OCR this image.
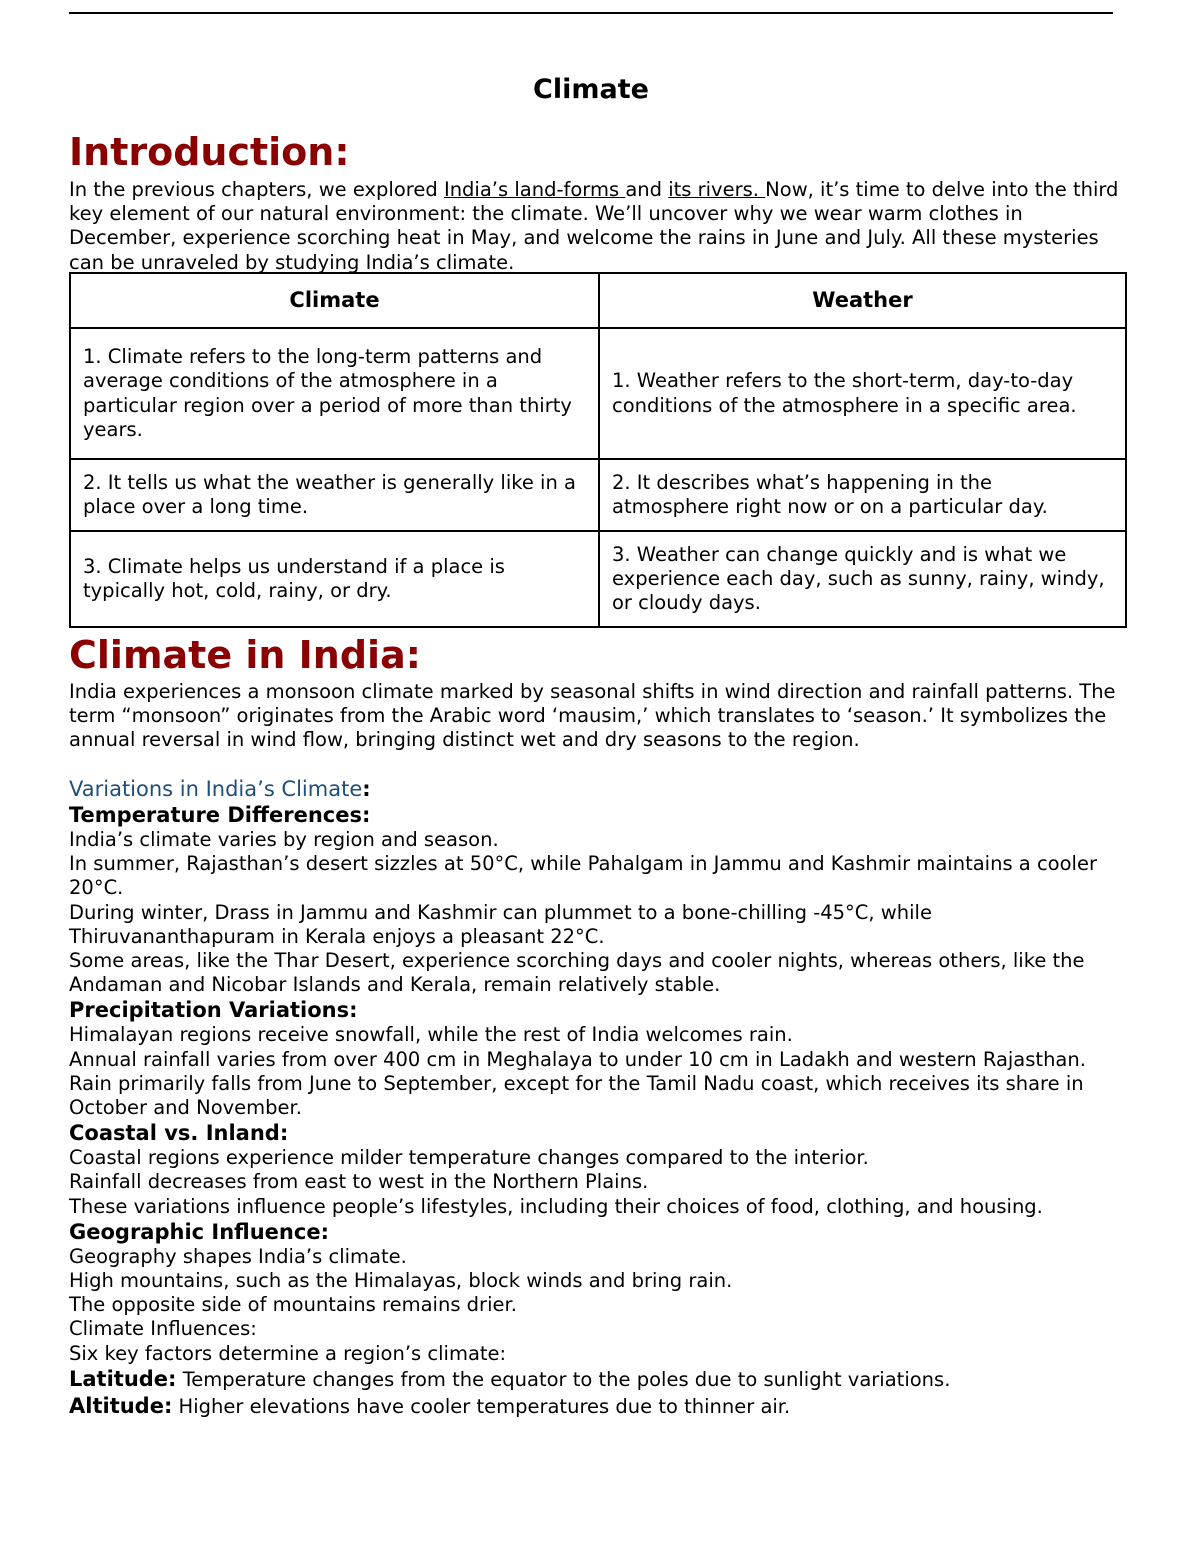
Climate
Introduction:
In the previous chapters, we explored India’s land-forms and its rivers. Now, it’s time to delve into the third key element of our natural environment: the climate. We’ll uncover why we wear warm clothes in December, experience scorching heat in May, and welcome the rains in June and July. All these mysteries can be unraveled by studying India’s climate.
Climate	Weather
1. Climate refers to the long-term patterns and average conditions of the atmosphere in a particular region over a period of more than thirty years.	1. Weather refers to the short-term, day-to-day conditions of the atmosphere in a specific area.
2. It tells us what the weather is generally like in a place over a long time.	2. It describes what’s happening in the atmosphere right now or on a particular day.
3. Climate helps us understand if a place is typically hot, cold, rainy, or dry.	3. Weather can change quickly and is what we experience each day, such as sunny, rainy, windy, or cloudy days.
Climate in India:
India experiences a monsoon climate marked by seasonal shifts in wind direction and rainfall patterns. The term “monsoon” originates from the Arabic word ‘mausim,’ which translates to ‘season.’ It symbolizes the annual reversal in wind flow, bringing distinct wet and dry seasons to the region.
Variations in India’s Climate:
Temperature Differences:
India’s climate varies by region and season.
In summer, Rajasthan’s desert sizzles at 50°C, while Pahalgam in Jammu and Kashmir maintains a cooler 20°C.
During winter, Drass in Jammu and Kashmir can plummet to a bone-chilling -45°C, while Thiruvananthapuram in Kerala enjoys a pleasant 22°C.
Some areas, like the Thar Desert, experience scorching days and cooler nights, whereas others, like the Andaman and Nicobar Islands and Kerala, remain relatively stable.
Precipitation Variations:
Himalayan regions receive snowfall, while the rest of India welcomes rain.
Annual rainfall varies from over 400 cm in Meghalaya to under 10 cm in Ladakh and western Rajasthan.
Rain primarily falls from June to September, except for the Tamil Nadu coast, which receives its share in October and November.
Coastal vs. Inland:
Coastal regions experience milder temperature changes compared to the interior.
Rainfall decreases from east to west in the Northern Plains.
These variations influence people’s lifestyles, including their choices of food, clothing, and housing.
Geographic Influence:
Geography shapes India’s climate.
High mountains, such as the Himalayas, block winds and bring rain.
The opposite side of mountains remains drier.
Climate Influences:
Six key factors determine a region’s climate:
Latitude: Temperature changes from the equator to the poles due to sunlight variations.
Altitude: Higher elevations have cooler temperatures due to thinner air.
